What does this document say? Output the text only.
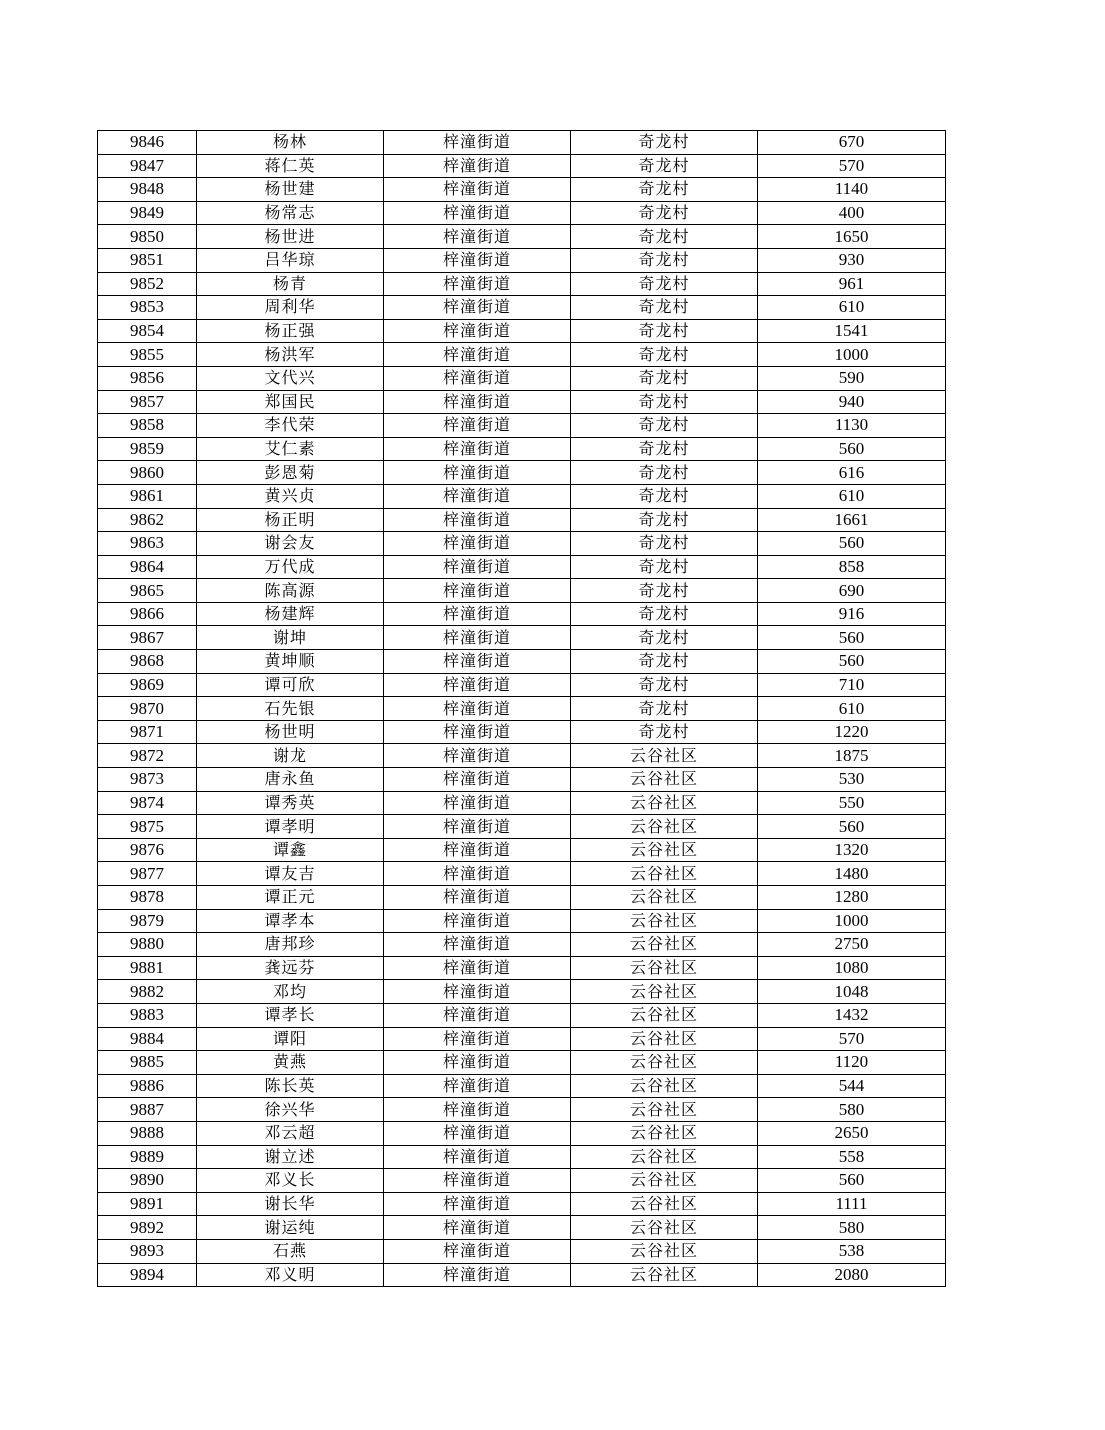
9846	杨林	梓潼街道	奇龙村	670
9847	蒋仁英	梓潼街道	奇龙村	570
9848	杨世建	梓潼街道	奇龙村	1140
9849	杨常志	梓潼街道	奇龙村	400
9850	杨世进	梓潼街道	奇龙村	1650
9851	吕华琼	梓潼街道	奇龙村	930
9852	杨青	梓潼街道	奇龙村	961
9853	周利华	梓潼街道	奇龙村	610
9854	杨正强	梓潼街道	奇龙村	1541
9855	杨洪军	梓潼街道	奇龙村	1000
9856	文代兴	梓潼街道	奇龙村	590
9857	郑国民	梓潼街道	奇龙村	940
9858	李代荣	梓潼街道	奇龙村	1130
9859	艾仁素	梓潼街道	奇龙村	560
9860	彭恩菊	梓潼街道	奇龙村	616
9861	黄兴贞	梓潼街道	奇龙村	610
9862	杨正明	梓潼街道	奇龙村	1661
9863	谢会友	梓潼街道	奇龙村	560
9864	万代成	梓潼街道	奇龙村	858
9865	陈高源	梓潼街道	奇龙村	690
9866	杨建辉	梓潼街道	奇龙村	916
9867	谢坤	梓潼街道	奇龙村	560
9868	黄坤顺	梓潼街道	奇龙村	560
9869	谭可欣	梓潼街道	奇龙村	710
9870	石先银	梓潼街道	奇龙村	610
9871	杨世明	梓潼街道	奇龙村	1220
9872	谢龙	梓潼街道	云谷社区	1875
9873	唐永鱼	梓潼街道	云谷社区	530
9874	谭秀英	梓潼街道	云谷社区	550
9875	谭孝明	梓潼街道	云谷社区	560
9876	谭鑫	梓潼街道	云谷社区	1320
9877	谭友吉	梓潼街道	云谷社区	1480
9878	谭正元	梓潼街道	云谷社区	1280
9879	谭孝本	梓潼街道	云谷社区	1000
9880	唐邦珍	梓潼街道	云谷社区	2750
9881	龚远芬	梓潼街道	云谷社区	1080
9882	邓均	梓潼街道	云谷社区	1048
9883	谭孝长	梓潼街道	云谷社区	1432
9884	谭阳	梓潼街道	云谷社区	570
9885	黄燕	梓潼街道	云谷社区	1120
9886	陈长英	梓潼街道	云谷社区	544
9887	徐兴华	梓潼街道	云谷社区	580
9888	邓云超	梓潼街道	云谷社区	2650
9889	谢立述	梓潼街道	云谷社区	558
9890	邓义长	梓潼街道	云谷社区	560
9891	谢长华	梓潼街道	云谷社区	1111
9892	谢运纯	梓潼街道	云谷社区	580
9893	石燕	梓潼街道	云谷社区	538
9894	邓义明	梓潼街道	云谷社区	2080
